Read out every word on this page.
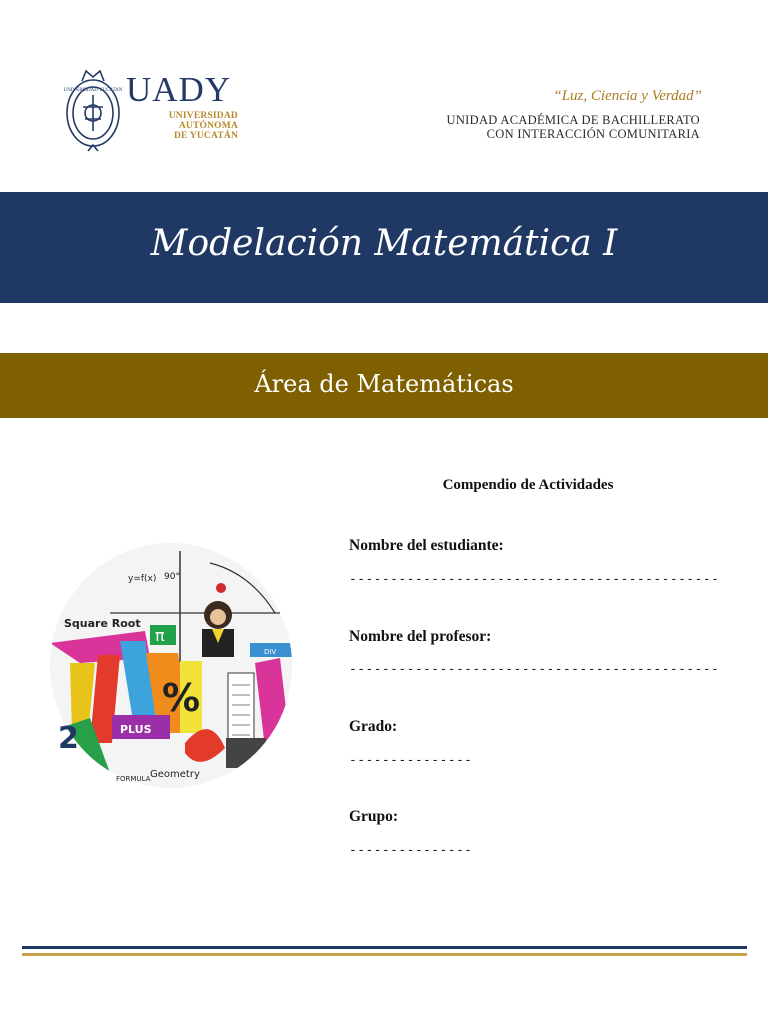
UNIVERSIDAD YUCATAN UADY
UNIVERSIDAD
AUTÓNOMA
DE YUCATÁN
“Luz, Ciencia y Verdad”
UNIDAD ACADÉMICA DE BACHILLERATO
CON INTERACCIÓN COMUNITARIA
Modelación Matemática I
Área de Matemáticas
Square Root
y=f(x) 90°
%
PLUS
π
2
Geometry
FORMULA
DIV
Compendio de Actividades
Nombre del estudiante:
---------------------------------------------
Nombre del profesor:
---------------------------------------------
Grado:
---------------
Grupo:
---------------
